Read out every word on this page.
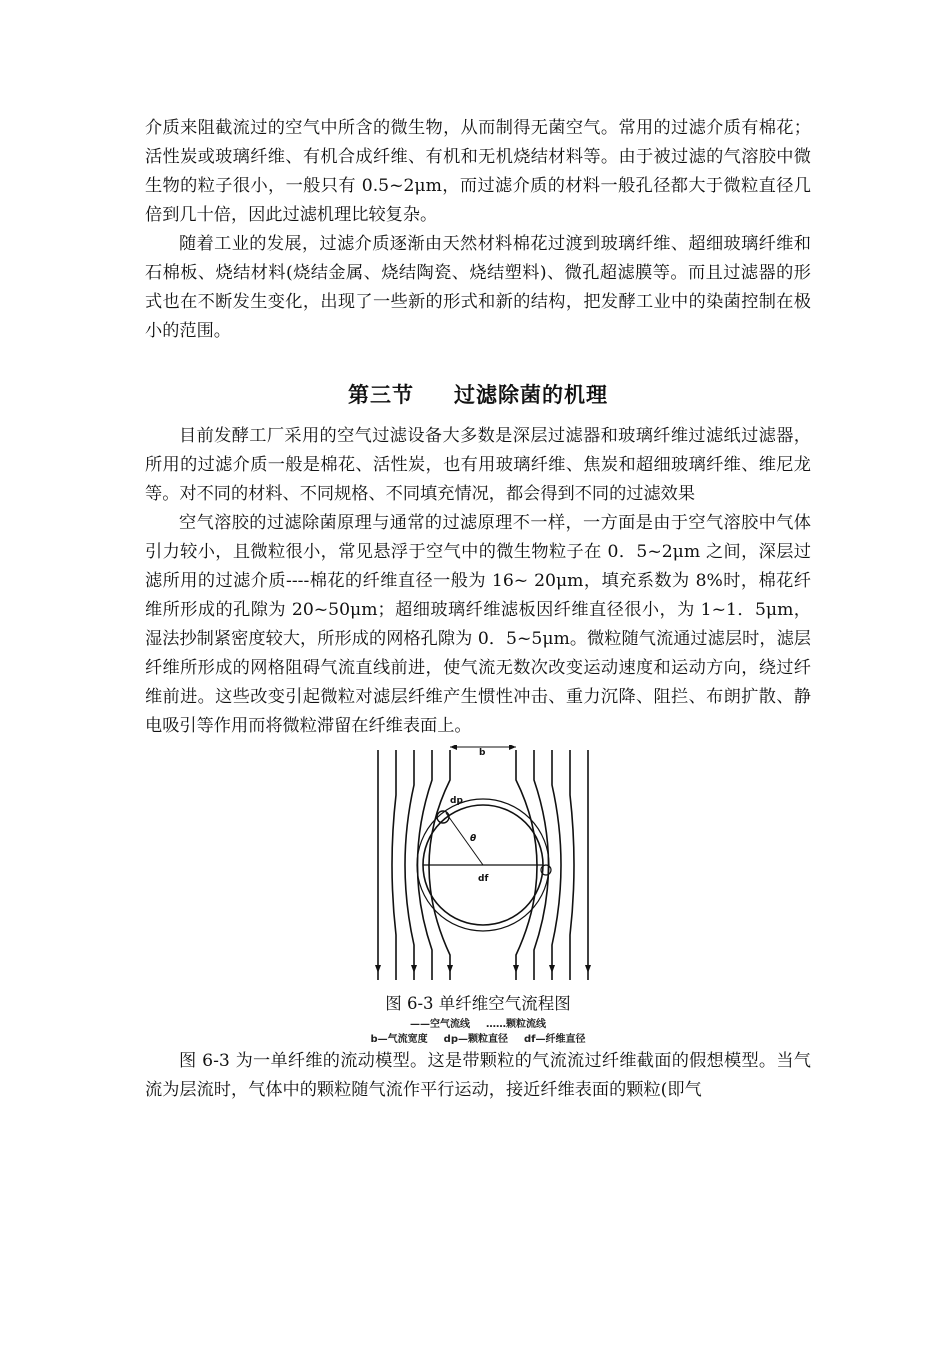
介质来阻截流过的空气中所含的微生物，从而制得无菌空气。常用的过滤介质有棉花；活性炭或玻璃纤维、有机合成纤维、有机和无机烧结材料等。由于被过滤的气溶胶中微生物的粒子很小，一般只有 0.5~2μm，而过滤介质的材料一般孔径都大于微粒直径几倍到几十倍，因此过滤机理比较复杂。

随着工业的发展，过滤介质逐渐由天然材料棉花过渡到玻璃纤维、超细玻璃纤维和石棉板、烧结材料(烧结金属、烧结陶瓷、烧结塑料)、微孔超滤膜等。而且过滤器的形式也在不断发生变化，出现了一些新的形式和新的结构，把发酵工业中的染菌控制在极小的范围。

第三节 过滤除菌的机理

目前发酵工厂采用的空气过滤设备大多数是深层过滤器和玻璃纤维过滤纸过滤器，所用的过滤介质一般是棉花、活性炭，也有用玻璃纤维、焦炭和超细玻璃纤维、维尼龙等。对不同的材料、不同规格、不同填充情况，都会得到不同的过滤效果

空气溶胶的过滤除菌原理与通常的过滤原理不一样，一方面是由于空气溶胶中气体引力较小，且微粒很小，常见悬浮于空气中的微生物粒子在 0．5~2μm 之间，深层过滤所用的过滤介质----棉花的纤维直径一般为 16~ 20μm，填充系数为 8%时，棉花纤维所形成的孔隙为 20~50μm；超细玻璃纤维滤板因纤维直径很小，为 1~1．5μm，湿法抄制紧密度较大，所形成的网格孔隙为 0．5~5μm。微粒随气流通过滤层时，滤层纤维所形成的网格阻碍气流直线前进，使气流无数次改变运动速度和运动方向，绕过纤维前进。这些改变引起微粒对滤层纤维产生惯性冲击、重力沉降、阻拦、布朗扩散、静电吸引等作用而将微粒滞留在纤维表面上。

b
dp
θ
df
图 6-3 单纤维空气流程图
——空气流线 ……颗粒流线
b—气流宽度 dp—颗粒直径 df—纤维直径

图 6-3 为一单纤维的流动模型。这是带颗粒的气流流过纤维截面的假想模型。当气流为层流时，气体中的颗粒随气流作平行运动，接近纤维表面的颗粒(即气
